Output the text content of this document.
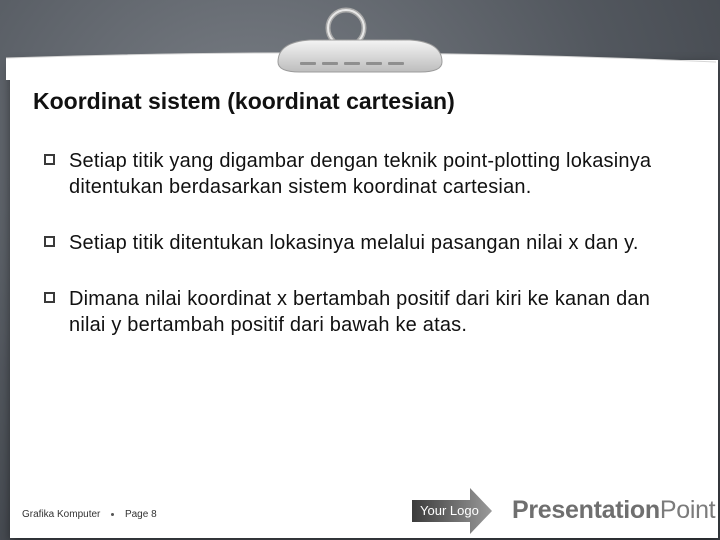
Koordinat sistem (koordinat cartesian)
Setiap titik yang digambar dengan teknik point-plotting lokasinya ditentukan berdasarkan sistem koordinat cartesian.
Setiap titik ditentukan lokasinya melalui pasangan nilai x dan y.
Dimana nilai koordinat x bertambah positif dari kiri ke kanan dan nilai y bertambah positif dari bawah ke atas.
Grafika Komputer Page 8	Your Logo PresentationPoint
